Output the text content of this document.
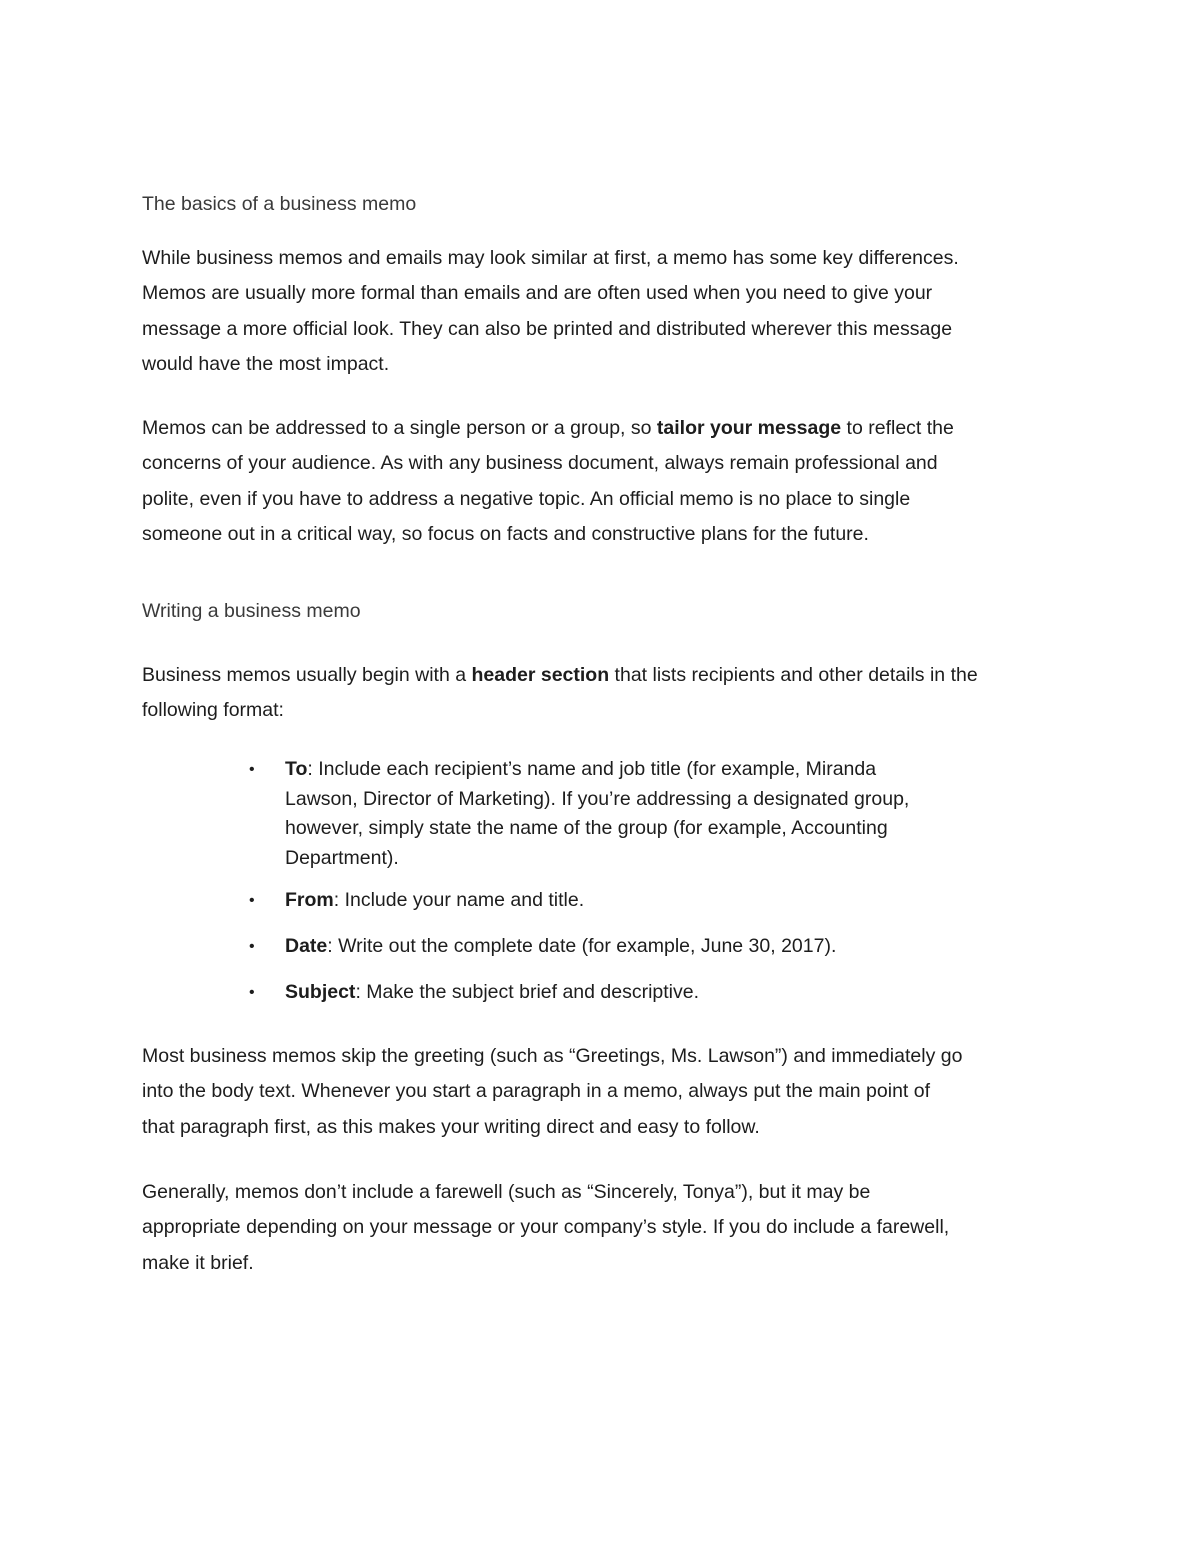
The basics of a business memo

While business memos and emails may look similar at first, a memo has some key differences.
Memos are usually more formal than emails and are often used when you need to give your
message a more official look. They can also be printed and distributed wherever this message
would have the most impact.

Memos can be addressed to a single person or a group, so tailor your message to reflect the
concerns of your audience. As with any business document, always remain professional and
polite, even if you have to address a negative topic. An official memo is no place to single
someone out in a critical way, so focus on facts and constructive plans for the future.

Writing a business memo

Business memos usually begin with a header section that lists recipients and other details in the
following format:

• To: Include each recipient’s name and job title (for example, Miranda
Lawson, Director of Marketing). If you’re addressing a designated group,
however, simply state the name of the group (for example, Accounting
Department).
• From: Include your name and title.
• Date: Write out the complete date (for example, June 30, 2017).
• Subject: Make the subject brief and descriptive.

Most business memos skip the greeting (such as “Greetings, Ms. Lawson”) and immediately go
into the body text. Whenever you start a paragraph in a memo, always put the main point of
that paragraph first, as this makes your writing direct and easy to follow.

Generally, memos don’t include a farewell (such as “Sincerely, Tonya”), but it may be
appropriate depending on your message or your company’s style. If you do include a farewell,
make it brief.
